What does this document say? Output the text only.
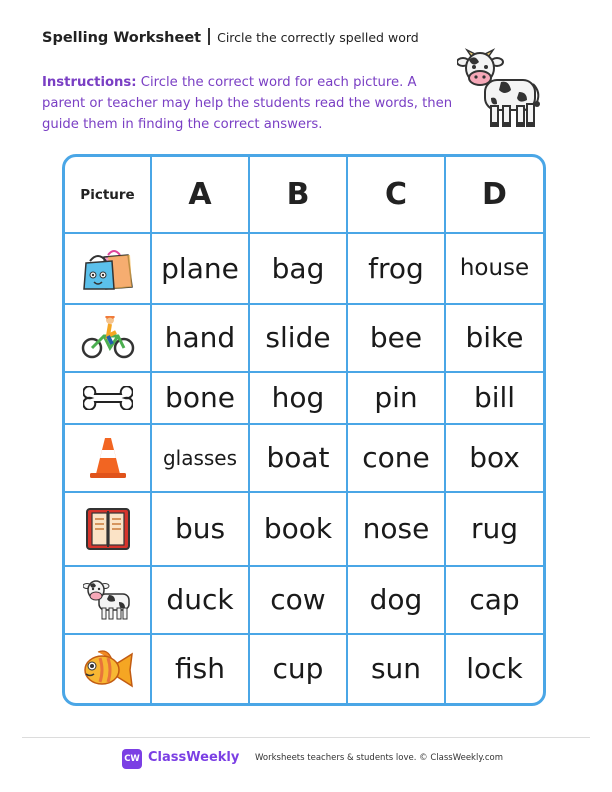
Spelling Worksheet Circle the correctly spelled word
Instructions: Circle the correct word for each picture. A parent or teacher may help the students read the words, then guide them in finding the correct answers.
Picture	A	B	C	D

	plane	bag	frog	house

	hand	slide	bee	bike

	bone	hog	pin	bill

	glasses	boat	cone	box

	bus	book	nose	rug

	duck	cow	dog	cap

	fish	cup	sun	lock
CW ClassWeekly Worksheets teachers & students love. © ClassWeekly.com
